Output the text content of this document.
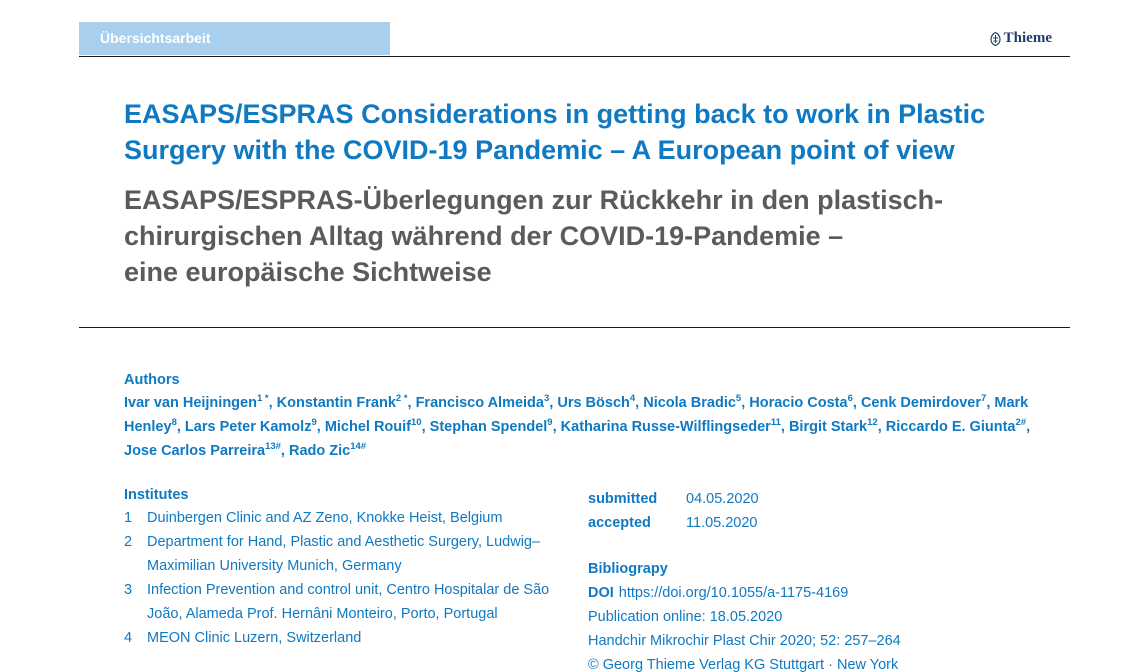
Übersichtsarbeit	Thieme
EASAPS/ESPRAS Considerations in getting back to work in Plastic Surgery with the COVID-19 Pandemic – A European point of view
EASAPS/ESPRAS-Überlegungen zur Rückkehr in den plastisch-
chirurgischen Alltag während der COVID-19-Pandemie –
eine europäische Sichtweise
Authors
Ivar van Heijningen$^{1 *}$, Konstantin Frank$^{2 *}$, Francisco Almeida$^3$, Urs Bösch$^4$, Nicola Bradic$^5$, Horacio Costa$^6$, Cenk Demirdover$^7$, Mark Henley$^8$, Lars Peter Kamolz$^9$, Michel Rouif$^{10}$, Stephan Spendel$^9$, Katharina Russe-Wilflingseder$^{11}$, Birgit Stark$^{12}$, Riccardo E. Giunta$^{2\#}$, Jose Carlos Parreira$^{13\#}$, Rado Zic$^{14\#}$
Institutes
1	Duinbergen Clinic and AZ Zeno, Knokke Heist, Belgium
2	Department for Hand, Plastic and Aesthetic Surgery, Ludwig–Maximilian University Munich, Germany
3	Infection Prevention and control unit, Centro Hospitalar de São João, Alameda Prof. Hernâni Monteiro, Porto, Portugal
4	MEON Clinic Luzern, Switzerland
submitted	04.05.2020
accepted	11.05.2020
Bibliograpy
DOI https://doi.org/10.1055/a-1175-4169
Publication online: 18.05.2020
Handchir Mikrochir Plast Chir 2020; 52: 257–264
© Georg Thieme Verlag KG Stuttgart · New York
